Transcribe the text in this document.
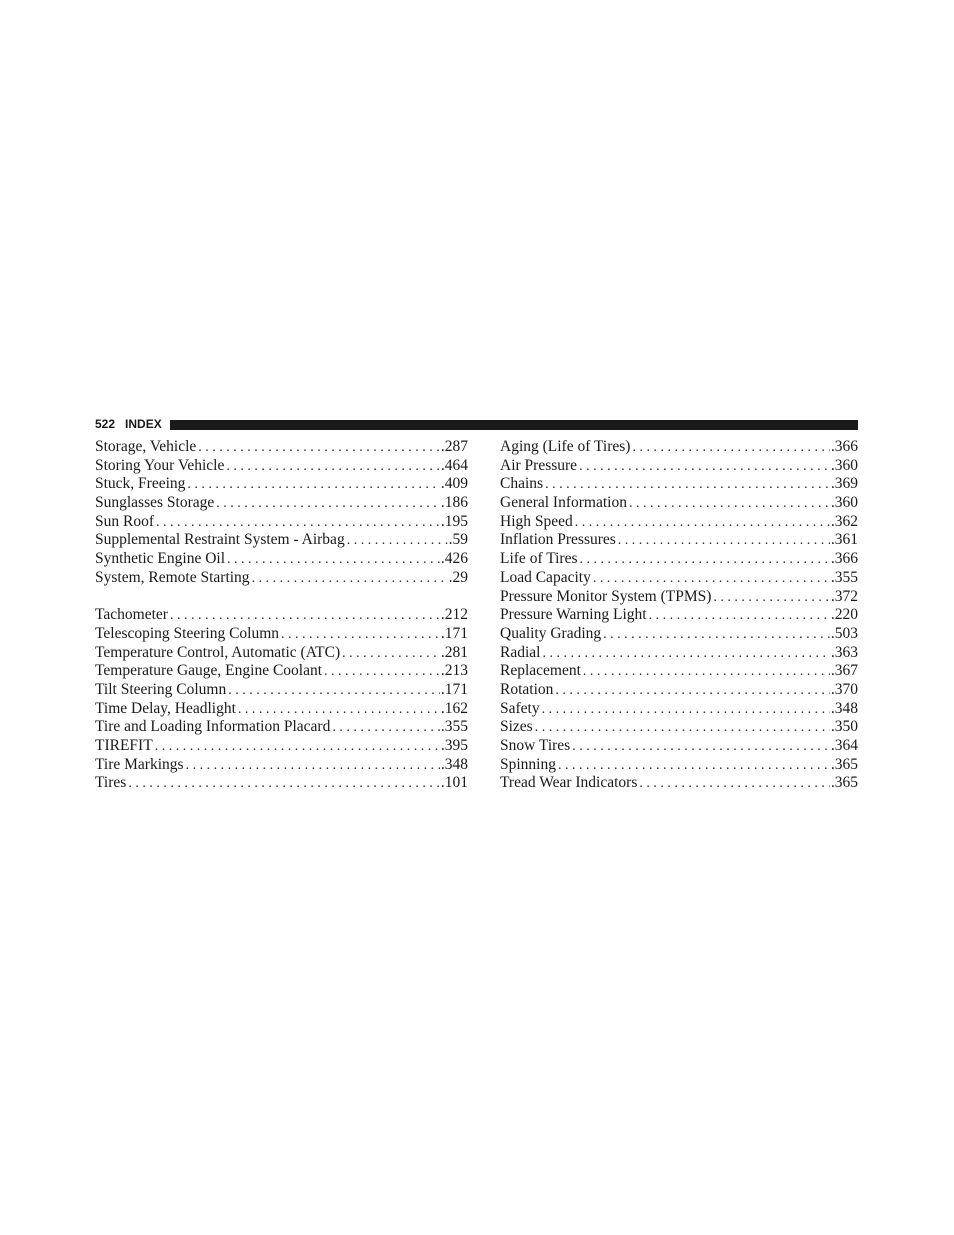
522 INDEX
Storage, Vehicle . . .	.287
Storing Your Vehicle . . .	.464
Stuck, Freeing . . .	.409
Sunglasses Storage . . .	.186
Sun Roof . . .	.195
Supplemental Restraint System - Airbag . . .	.59
Synthetic Engine Oil . . .	.426
System, Remote Starting . . .	.29
Tachometer . . .	.212
Telescoping Steering Column . . .	.171
Temperature Control, Automatic (ATC) . . .	.281
Temperature Gauge, Engine Coolant . . .	.213
Tilt Steering Column . . .	.171
Time Delay, Headlight . . .	.162
Tire and Loading Information Placard . . .	.355
TIREFIT . . .	.395
Tire Markings . . .	.348
Tires . . .	.101
Aging (Life of Tires) . . .	.366
Air Pressure . . .	.360
Chains . . .	.369
General Information . . .	.360
High Speed . . .	.362
Inflation Pressures . . .	.361
Life of Tires . . .	.366
Load Capacity . . .	.355
Pressure Monitor System (TPMS) . . .	.372
Pressure Warning Light . . .	.220
Quality Grading . . .	.503
Radial . . .	.363
Replacement . . .	.367
Rotation . . .	.370
Safety . . .	.348
Sizes . . .	.350
Snow Tires . . .	.364
Spinning . . .	.365
Tread Wear Indicators . . .	.365
